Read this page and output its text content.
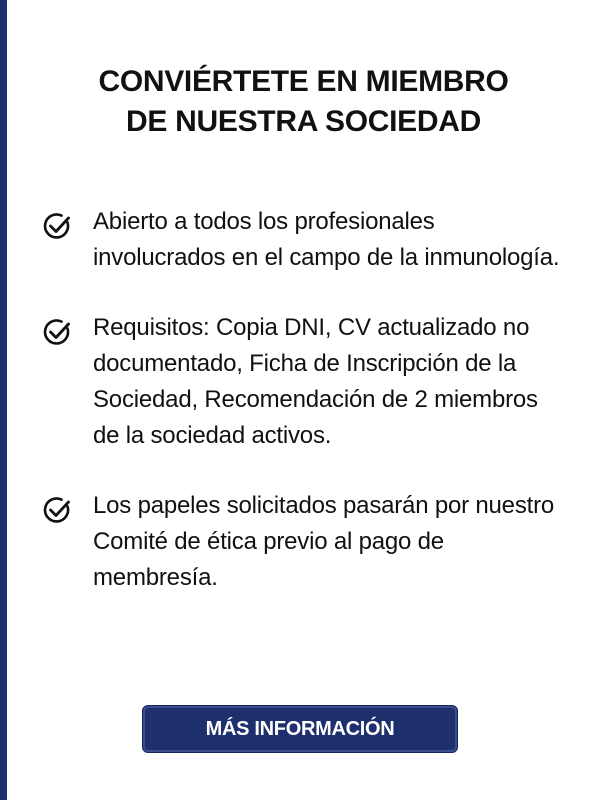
CONVIÉRTETE EN MIEMBRO
DE NUESTRA SOCIEDAD
Abierto a todos los profesionales involucrados en el campo de la inmunología.
Requisitos: Copia DNI, CV actualizado no documentado, Ficha de Inscripción de la Sociedad, Recomendación de 2 miembros de la sociedad activos.
Los papeles solicitados pasarán por nuestro Comité de ética previo al pago de membresía.
MÁS INFORMACIÓN
